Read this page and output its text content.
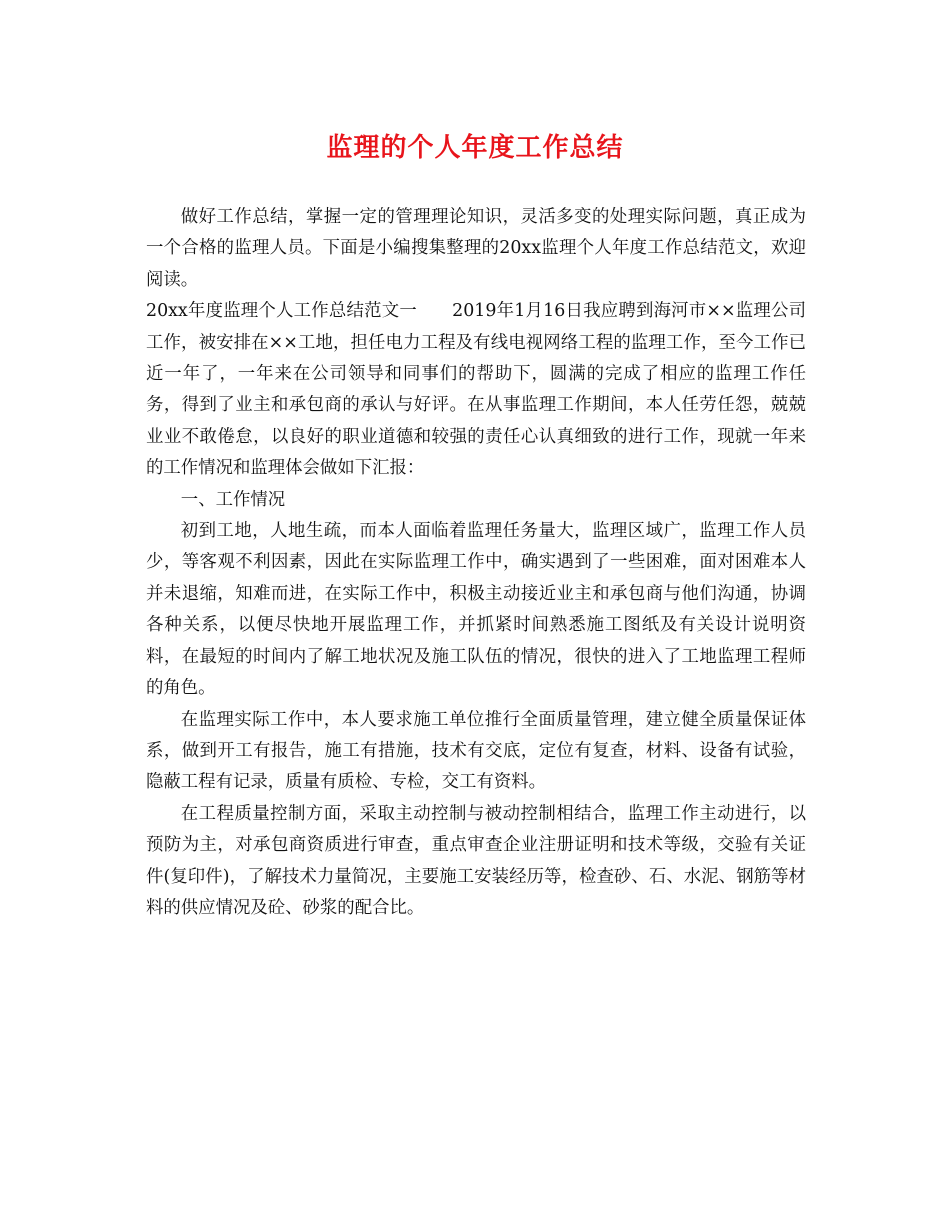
监理的个人年度工作总结

做好工作总结，掌握一定的管理理论知识，灵活多变的处理实际问题，真正成为一个合格的监理人员。下面是小编搜集整理的20xx监理个人年度工作总结范文，欢迎阅读。

20xx年度监理个人工作总结范文一　　2019年1月16日我应聘到海河市××监理公司工作，被安排在××工地，担任电力工程及有线电视网络工程的监理工作，至今工作已近一年了，一年来在公司领导和同事们的帮助下，圆满的完成了相应的监理工作任务，得到了业主和承包商的承认与好评。在从事监理工作期间，本人任劳任怨，兢兢业业不敢倦怠，以良好的职业道德和较强的责任心认真细致的进行工作，现就一年来的工作情况和监理体会做如下汇报：

一、工作情况

初到工地，人地生疏，而本人面临着监理任务量大，监理区域广，监理工作人员少，等客观不利因素，因此在实际监理工作中，确实遇到了一些困难，面对困难本人并未退缩，知难而进，在实际工作中，积极主动接近业主和承包商与他们沟通，协调各种关系，以便尽快地开展监理工作，并抓紧时间熟悉施工图纸及有关设计说明资料，在最短的时间内了解工地状况及施工队伍的情况，很快的进入了工地监理工程师的角色。

在监理实际工作中，本人要求施工单位推行全面质量管理，建立健全质量保证体系，做到开工有报告，施工有措施，技术有交底，定位有复查，材料、设备有试验，隐蔽工程有记录，质量有质检、专检，交工有资料。

在工程质量控制方面，采取主动控制与被动控制相结合，监理工作主动进行，以预防为主，对承包商资质进行审查，重点审查企业注册证明和技术等级，交验有关证件(复印件)，了解技术力量简况，主要施工安装经历等，检查砂、石、水泥、钢筋等材料的供应情况及砼、砂浆的配合比。
